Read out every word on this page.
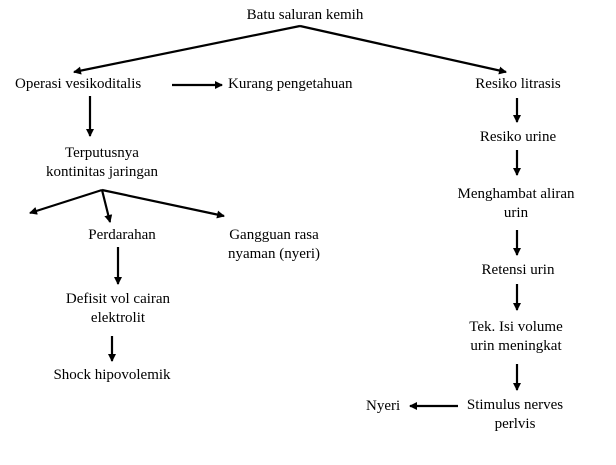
Batu saluran kemih
Operasi vesikoditalis	Kurang pengetahuan
Terputusnya
kontinitas jaringan
Perdarahan	Gangguan rasa
nyaman (nyeri)
Defisit vol cairan
elektrolit
Shock hipovolemik
Resiko litrasis
Resiko urine
Menghambat aliran
urin
Retensi urin
Tek. Isi volume
urin meningkat
Stimulus nerves
perlvis
Nyeri
